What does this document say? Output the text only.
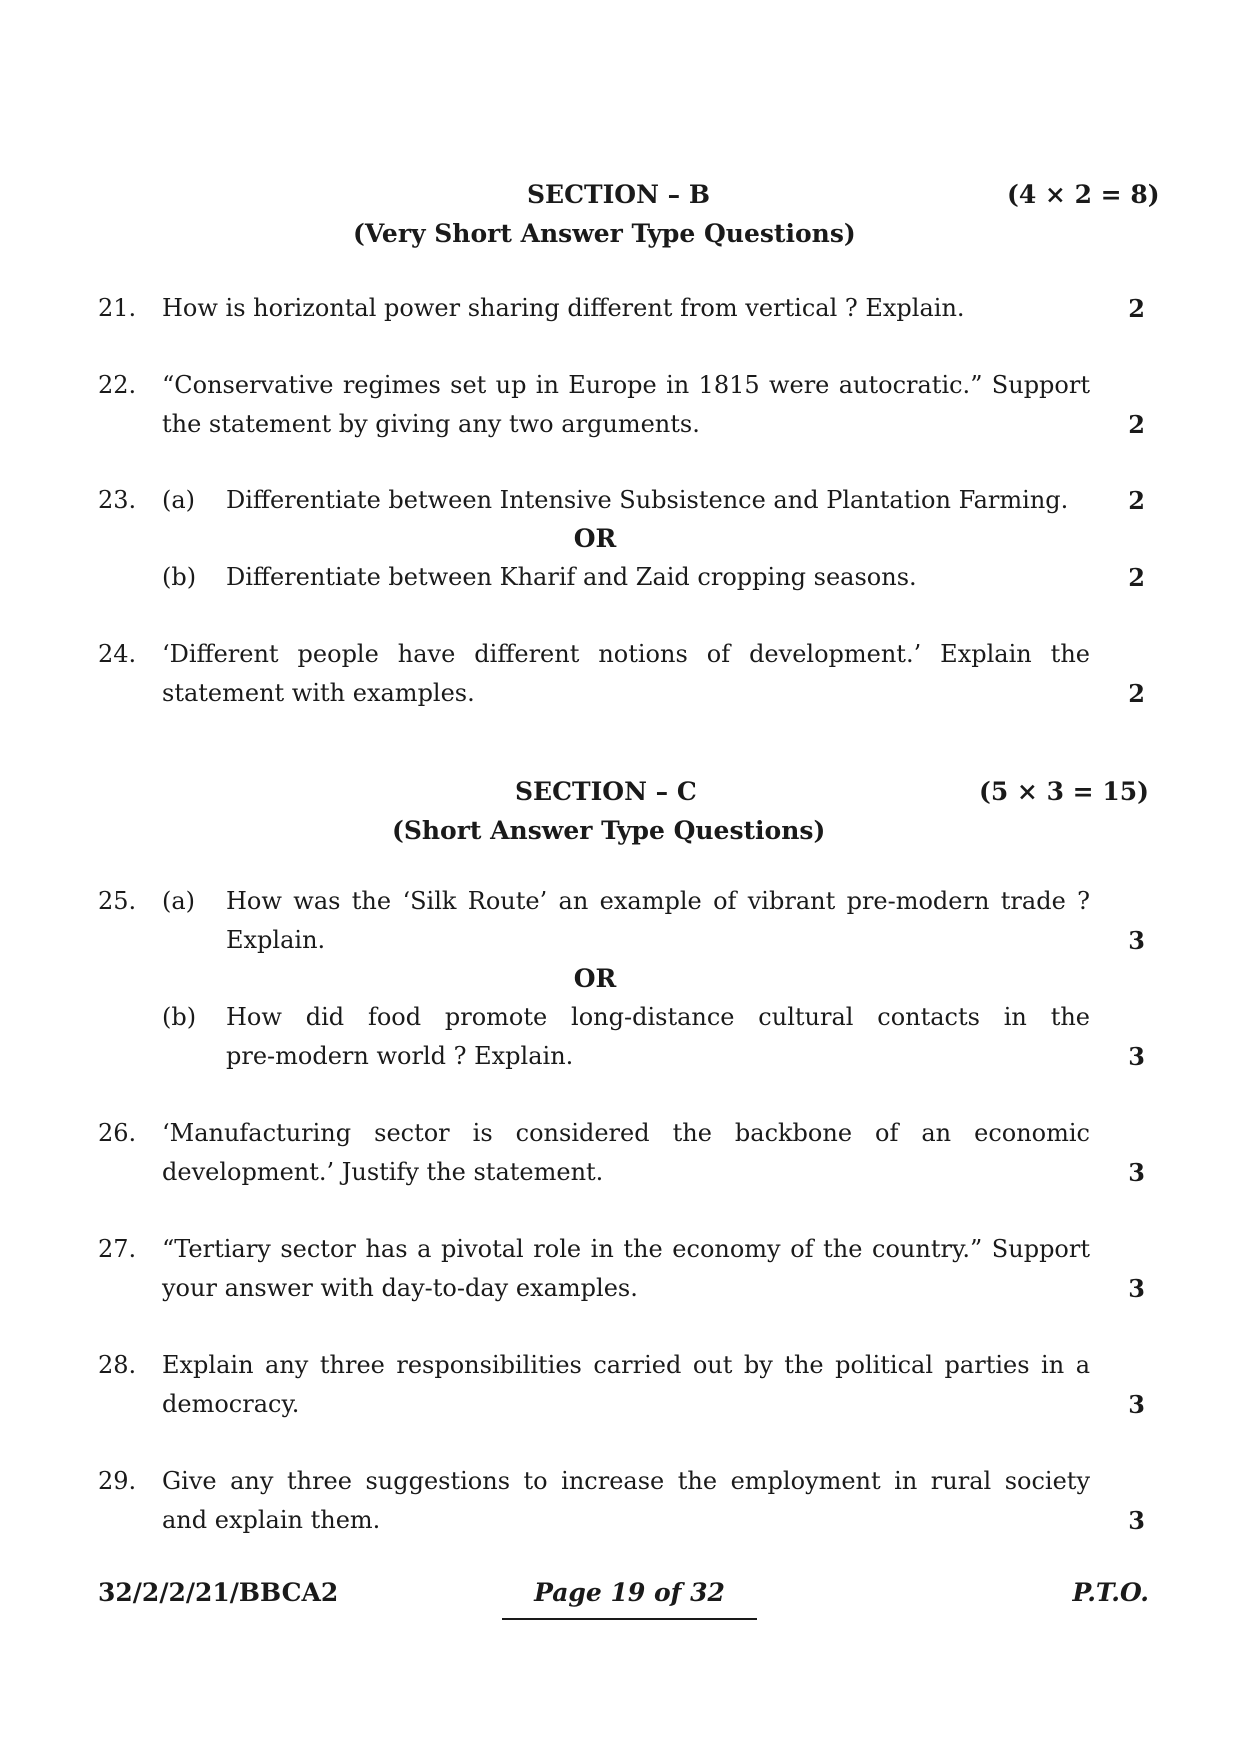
SECTION – B	(4 × 2 = 8)
(Very Short Answer Type Questions)
21. How is horizontal power sharing different from vertical ? Explain.	2
22. “Conservative regimes set up in Europe in 1815 were autocratic.” Support
the statement by giving any two arguments.	2
23. (a) Differentiate between Intensive Subsistence and Plantation Farming.	2
OR
(b) Differentiate between Kharif and Zaid cropping seasons.	2
24. ‘Different people have different notions of development.’ Explain the
statement with examples.	2
SECTION – C	(5 × 3 = 15)
(Short Answer Type Questions)
25. (a) How was the ‘Silk Route’ an example of vibrant pre-modern trade ?
Explain.	3
OR
(b) How did food promote long-distance cultural contacts in the
pre-modern world ? Explain.	3
26. ‘Manufacturing sector is considered the backbone of an economic
development.’ Justify the statement.	3
27. “Tertiary sector has a pivotal role in the economy of the country.” Support
your answer with day-to-day examples.	3
28. Explain any three responsibilities carried out by the political parties in a
democracy.	3
29. Give any three suggestions to increase the employment in rural society
and explain them.	3
32/2/2/21/BBCA2	Page 19 of 32	P.T.O.
